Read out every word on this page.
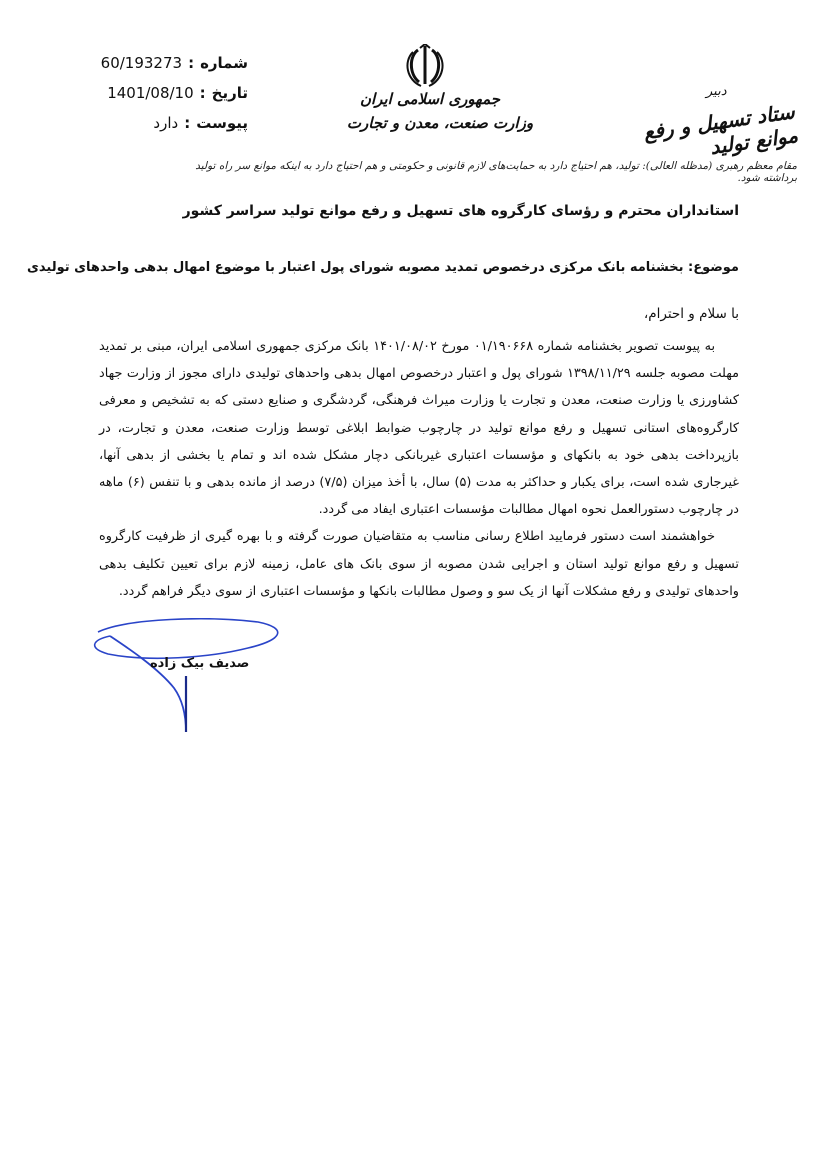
شماره
:
60/193273
تاریخ
:
1401/08/10
پیوست
:
دارد
جمهوری اسلامی ایران
وزارت صنعت، معدن و تجارت
دبیر
ستاد تسهیل و رفع موانع تولید
مقام معظم رهبری (مدظله العالی): تولید، هم احتیاج دارد به حمایت‌های لازم قانونی و حکومتی و هم احتیاج دارد به اینکه موانع سر راه تولید برداشته شود.
استانداران محترم و رؤسای کارگروه های تسهیل و رفع موانع تولید سراسر کشور
موضوع: بخشنامه بانک مرکزی درخصوص تمدید مصوبه شورای پول اعتبار با موضوع امهال بدهی واحدهای تولیدی
با سلام و احترام،

به پیوست تصویر بخشنامه شماره ۰۱/۱۹۰۶۶۸ مورخ ۱۴۰۱/۰۸/۰۲ بانک مرکزی جمهوری اسلامی ایران، مبنی بر تمدید مهلت مصوبه جلسه ۱۳۹۸/۱۱/۲۹ شورای پول و اعتبار درخصوص امهال بدهی واحدهای تولیدی دارای مجوز از وزارت جهاد کشاورزی یا وزارت صنعت، معدن و تجارت یا وزارت میراث فرهنگی، گردشگری و صنایع دستی که به تشخیص و معرفی کارگروه‌های استانی تسهیل و رفع موانع تولید در چارچوب ضوابط ابلاغی توسط وزارت صنعت، معدن و تجارت، در بازپرداخت بدهی خود به بانکهای و مؤسسات اعتباری غیربانکی دچار مشکل شده اند و تمام یا بخشی از بدهی آنها، غیرجاری شده است، برای یکبار و حداکثر به مدت (۵) سال، با أخذ میزان (۷/۵) درصد از مانده بدهی و با تنفس (۶) ماهه در چارچوب دستورالعمل نحوه امهال مطالبات مؤسسات اعتباری ایفاد می گردد.

خواهشمند است دستور فرمایید اطلاع رسانی مناسب به متقاضیان صورت گرفته و با بهره گیری از ظرفیت کارگروه تسهیل و رفع موانع تولید استان و اجرایی شدن مصوبه از سوی بانک های عامل، زمینه لازم برای تعیین تکلیف بدهی واحدهای تولیدی و رفع مشکلات آنها از یک سو و وصول مطالبات بانکها و مؤسسات اعتباری از سوی دیگر فراهم گردد.

صدیف بیک زاده
